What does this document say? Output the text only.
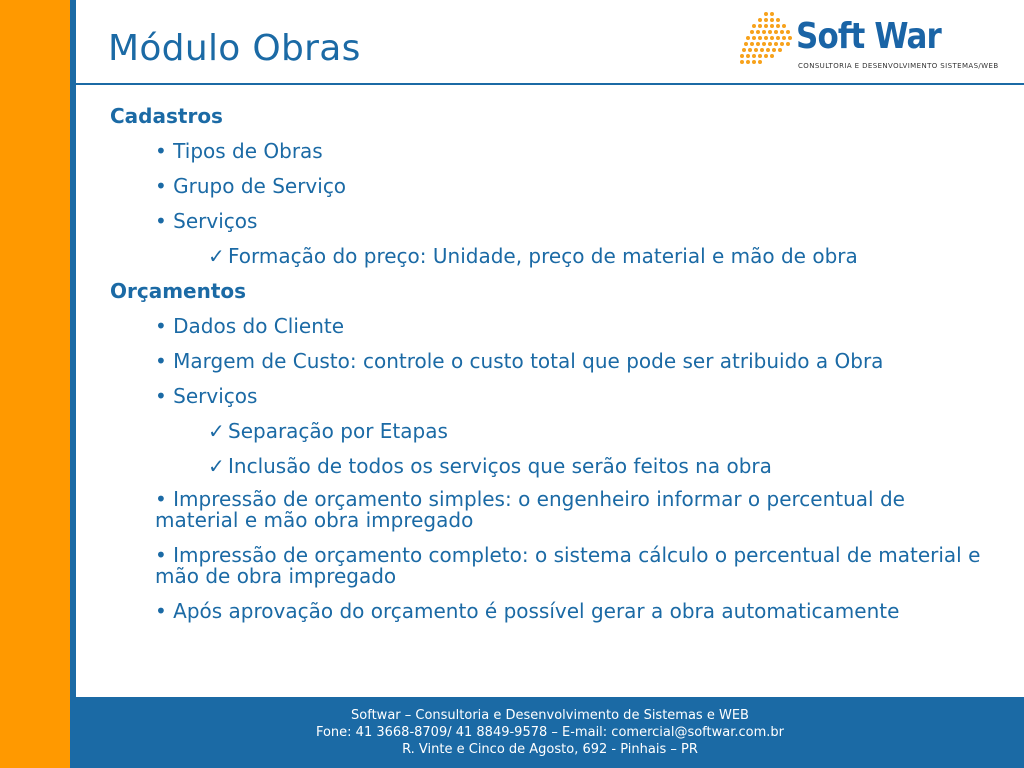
Módulo Obras	Soft War
CONSULTORIA E DESENVOLVIMENTO SISTEMAS/WEB
Cadastros
• Tipos de Obras
• Grupo de Serviço
• Serviços
✓ Formação do preço: Unidade, preço de material e mão de obra
Orçamentos
• Dados do Cliente
• Margem de Custo: controle o custo total que pode ser atribuido a Obra
• Serviços
✓ Separação por Etapas
✓ Inclusão de todos os serviços que serão feitos na obra
• Impressão de orçamento simples: o engenheiro informar o percentual de material e mão obra impregado
• Impressão de orçamento completo: o sistema cálculo o percentual de material e mão de obra impregado
• Após aprovação do orçamento é possível gerar a obra automaticamente
Softwar – Consultoria e Desenvolvimento de Sistemas e WEB
Fone: 41 3668-8709/ 41 8849-9578 – E-mail: comercial@softwar.com.br
R. Vinte e Cinco de Agosto, 692 - Pinhais – PR
